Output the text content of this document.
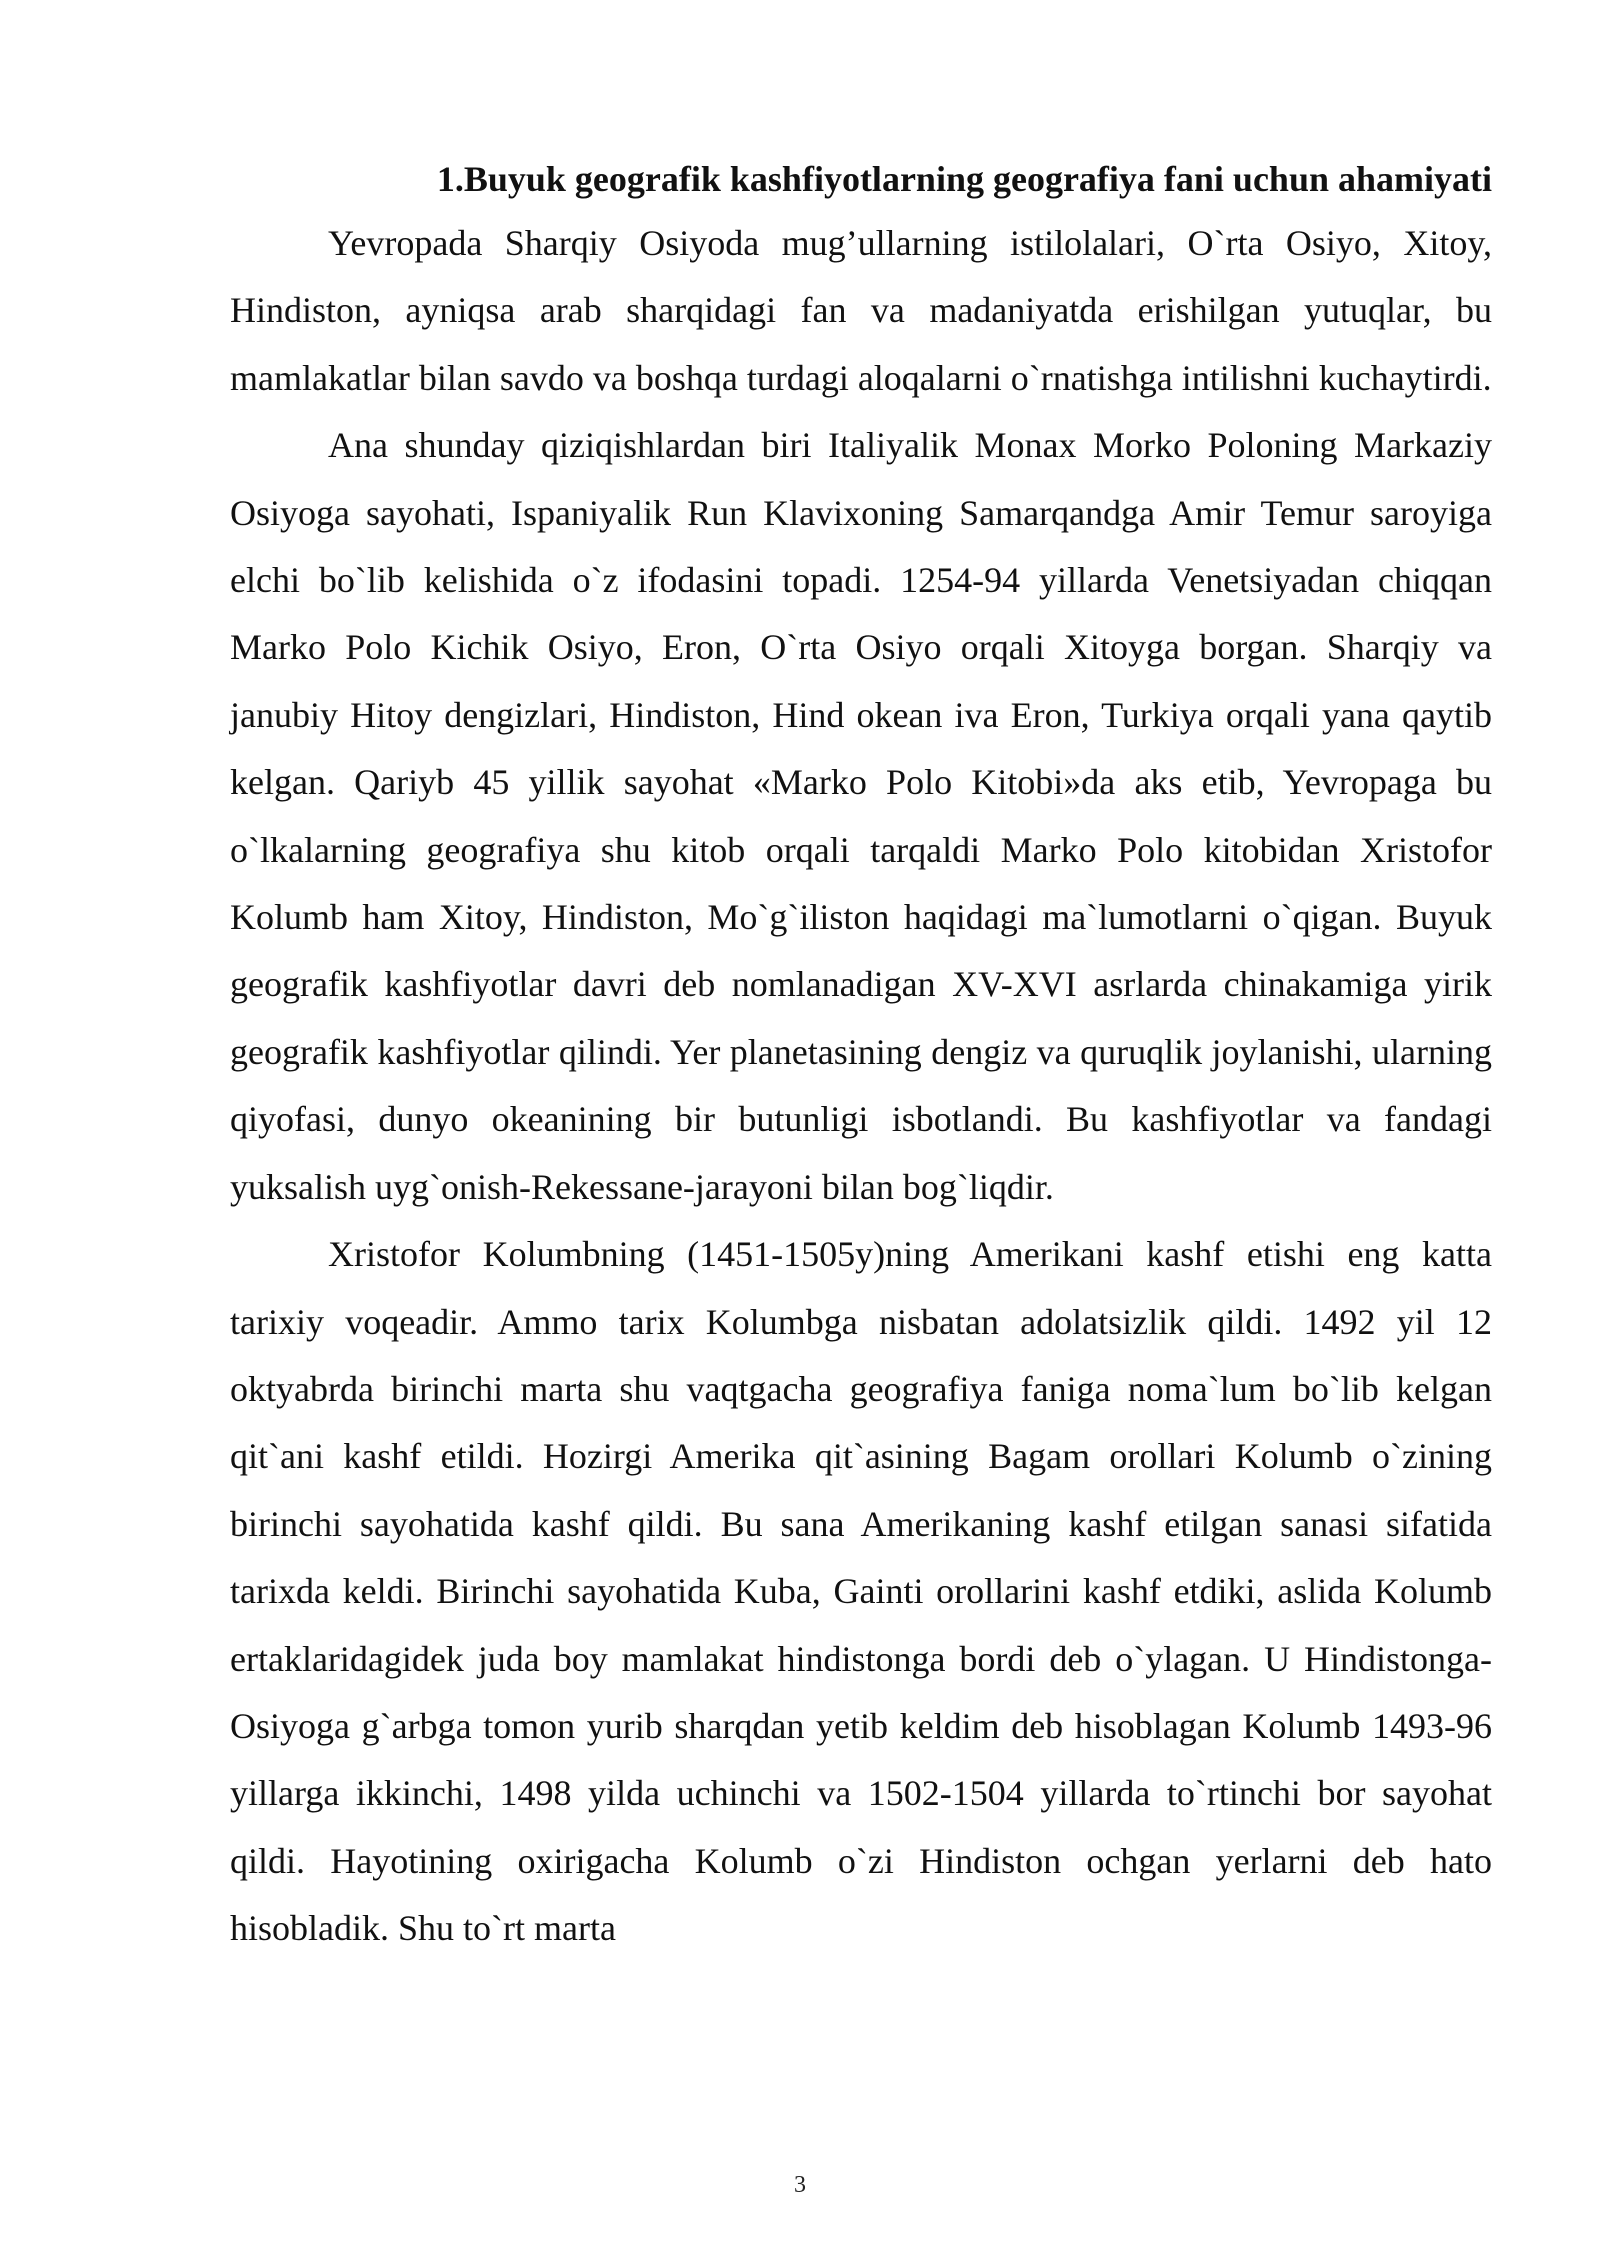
1.Buyuk geografik kashfiyotlarning geografiya fani uchun ahamiyati

Yevropada Sharqiy Osiyoda mug’ullarning istilolalari, O`rta Osiyo, Xitoy, Hindiston, ayniqsa arab sharqidagi fan va madaniyatda erishilgan yutuqlar, bu mamlakatlar bilan savdo va boshqa turdagi aloqalarni o`rnatishga intilishni kuchaytirdi.

Ana shunday qiziqishlardan biri Italiyalik Monax Morko Poloning Markaziy Osiyoga sayohati, Ispaniyalik Run Klavixoning Samarqandga Amir Temur saroyiga elchi bo`lib kelishida o`z ifodasini topadi. 1254-94 yillarda Venetsiyadan chiqqan Marko Polo Kichik Osiyo, Eron, O`rta Osiyo orqali Xitoyga borgan. Sharqiy va janubiy Hitoy dengizlari, Hindiston, Hind okean iva Eron, Turkiya orqali yana qaytib kelgan. Qariyb 45 yillik sayohat «Marko Polo Kitobi»da aks etib, Yevropaga bu o`lkalarning geografiya shu kitob orqali tarqaldi Marko Polo kitobidan Xristofor Kolumb ham Xitoy, Hindiston, Mo`g`iliston haqidagi ma`lumotlarni o`qigan. Buyuk geografik kashfiyotlar davri deb nomlanadigan XV-XVI asrlarda chinakamiga yirik geografik kashfiyotlar qilindi. Yer planetasining dengiz va quruqlik joylanishi, ularning qiyofasi, dunyo okeanining bir butunligi isbotlandi. Bu kashfiyotlar va fandagi yuksalish uyg`onish-Rekessane-jarayoni bilan bog`liqdir.

Xristofor Kolumbning (1451-1505y)ning Amerikani kashf etishi eng katta tarixiy voqeadir. Ammo tarix Kolumbga nisbatan adolatsizlik qildi. 1492 yil 12 oktyabrda birinchi marta shu vaqtgacha geografiya faniga noma`lum bo`lib kelgan qit`ani kashf etildi. Hozirgi Amerika qit`asining Bagam orollari Kolumb o`zining birinchi sayohatida kashf qildi. Bu sana Amerikaning kashf etilgan sanasi sifatida tarixda keldi. Birinchi sayohatida Kuba, Gainti orollarini kashf etdiki, aslida Kolumb ertaklaridagidek juda boy mamlakat hindistonga bordi deb o`ylagan. U Hindistonga-Osiyoga g`arbga tomon yurib sharqdan yetib keldim deb hisoblagan Kolumb 1493-96 yillarga ikkinchi, 1498 yilda uchinchi va 1502-1504 yillarda to`rtinchi bor sayohat qildi. Hayotining oxirigacha Kolumb o`zi Hindiston ochgan yerlarni deb hato hisobladik. Shu to`rt marta

3
